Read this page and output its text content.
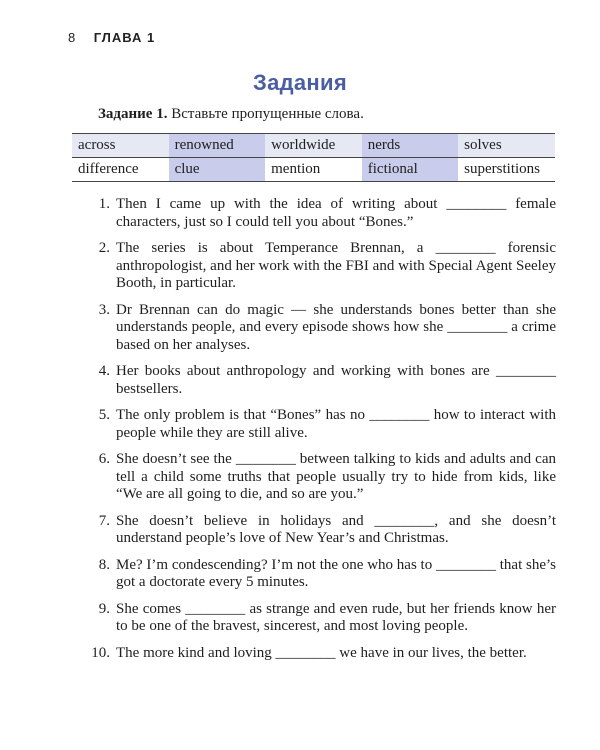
8 ГЛАВА 1
Задания
Задание 1. Вставьте пропущенные слова.
across	renowned	worldwide	nerds	solves
difference	clue	mention	fictional	superstitions
1. Then I came up with the idea of writing about ________ female characters, just so I could tell you about “Bones.”
2. The series is about Temperance Brennan, a ________ forensic anthropologist, and her work with the FBI and with Special Agent Seeley Booth, in particular.
3. Dr Brennan can do magic — she understands bones better than she understands people, and every episode shows how she ________ a crime based on her analyses.
4. Her books about anthropology and working with bones are ________ bestsellers.
5. The only problem is that “Bones” has no ________ how to interact with people while they are still alive.
6. She doesn’t see the ________ between talking to kids and adults and can tell a child some truths that people usually try to hide from kids, like “We are all going to die, and so are you.”
7. She doesn’t believe in holidays and ________, and she doesn’t understand people’s love of New Year’s and Christmas.
8. Me? I’m condescending? I’m not the one who has to ________ that she’s got a doctorate every 5 minutes.
9. She comes ________ as strange and even rude, but her friends know her to be one of the bravest, sincerest, and most loving people.
10. The more kind and loving ________ we have in our lives, the better.
